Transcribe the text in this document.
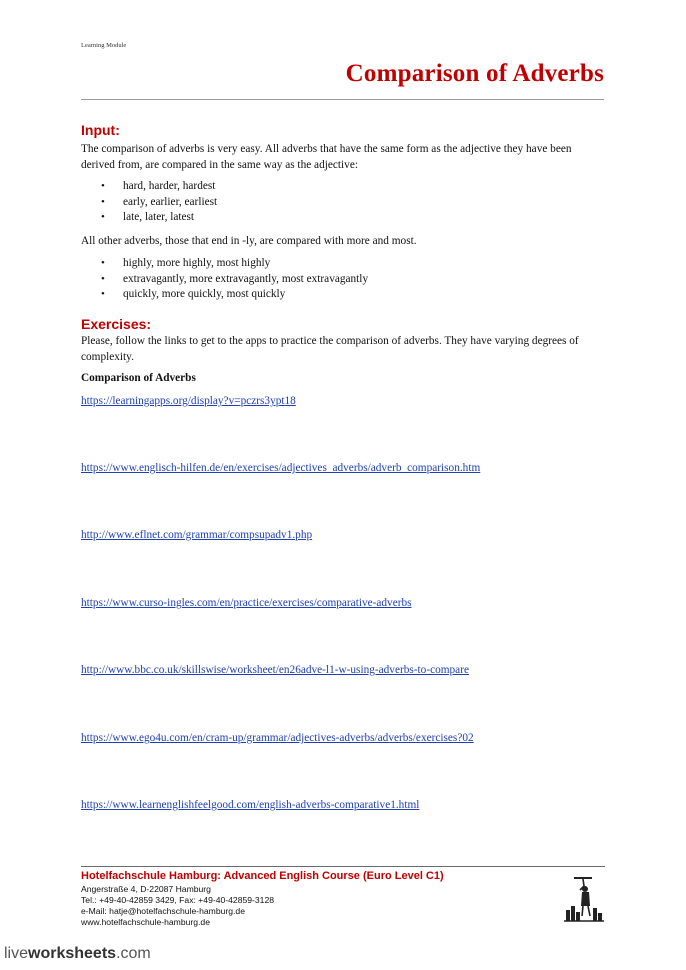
Learning Module
Comparison of Adverbs
Input:
The comparison of adverbs is very easy. All adverbs that have the same form as the adjective they have been derived from, are compared in the same way as the adjective:
• hard, harder, hardest
• early, earlier, earliest
• late, later, latest
All other adverbs, those that end in -ly, are compared with more and most.
• highly, more highly, most highly
• extravagantly, more extravagantly, most extravagantly
• quickly, more quickly, most quickly
Exercises:
Please, follow the links to get to the apps to practice the comparison of adverbs. They have varying degrees of complexity.
Comparison of Adverbs
https://learningapps.org/display?v=pczrs3ypt18
https://www.englisch-hilfen.de/en/exercises/adjectives_adverbs/adverb_comparison.htm
http://www.eflnet.com/grammar/compsupadv1.php
https://www.curso-ingles.com/en/practice/exercises/comparative-adverbs
http://www.bbc.co.uk/skillswise/worksheet/en26adve-l1-w-using-adverbs-to-compare
https://www.ego4u.com/en/cram-up/grammar/adjectives-adverbs/adverbs/exercises?02
https://www.learnenglishfeelgood.com/english-adverbs-comparative1.html
Hotelfachschule Hamburg: Advanced English Course (Euro Level C1)
Angerstraße 4, D-22087 Hamburg
Tel.: +49-40-42859 3429, Fax: +49-40-42859-3128
e-Mail: hatje@hotelfachschule-hamburg.de
www.hotelfachschule-hamburg.de
liveworksheets.com
